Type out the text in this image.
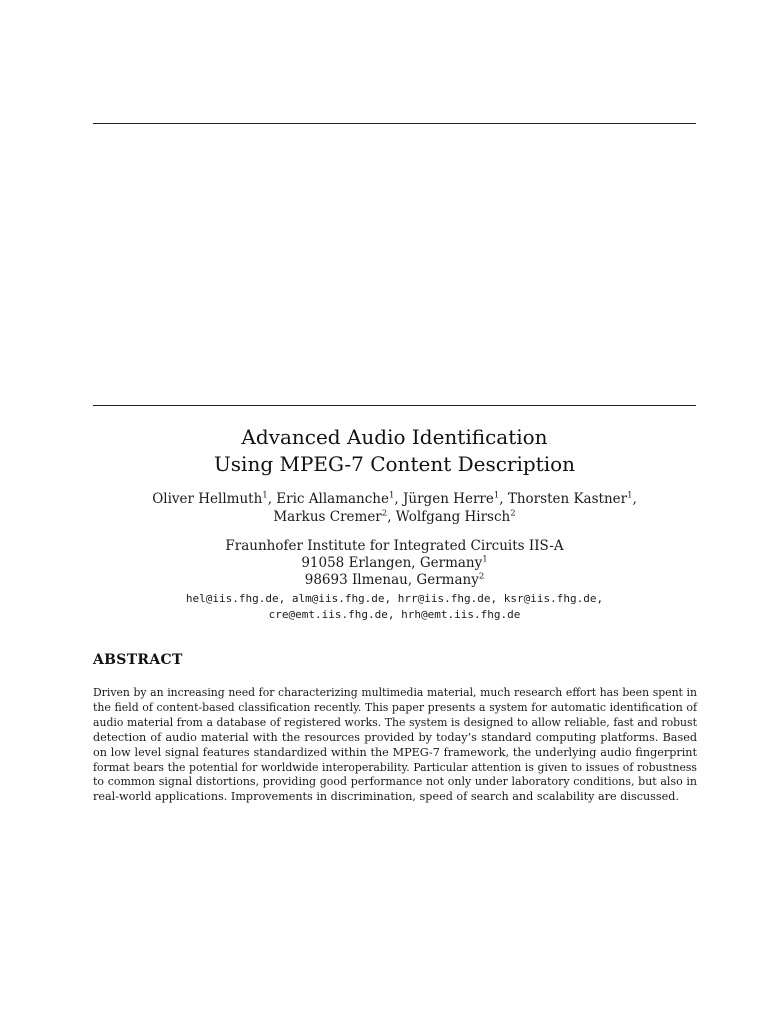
Advanced Audio Identification
Using MPEG-7 Content Description
Oliver Hellmuth$^1$, Eric Allamanche$^1$, Jürgen Herre$^1$, Thorsten Kastner$^1$,
Markus Cremer$^2$, Wolfgang Hirsch$^2$
Fraunhofer Institute for Integrated Circuits IIS-A
91058 Erlangen, Germany$^1$
98693 Ilmenau, Germany$^2$
hel@iis.fhg.de, alm@iis.fhg.de, hrr@iis.fhg.de, ksr@iis.fhg.de,
cre@emt.iis.fhg.de, hrh@emt.iis.fhg.de
ABSTRACT
Driven by an increasing need for characterizing multimedia material, much research effort has been spent in
the field of content-based classification recently. This paper presents a system for automatic identification of
audio material from a database of registered works. The system is designed to allow reliable, fast and robust
detection of audio material with the resources provided by today’s standard computing platforms. Based
on low level signal features standardized within the MPEG-7 framework, the underlying audio fingerprint
format bears the potential for worldwide interoperability. Particular attention is given to issues of robustness
to common signal distortions, providing good performance not only under laboratory conditions, but also in
real-world applications. Improvements in discrimination, speed of search and scalability are discussed.
